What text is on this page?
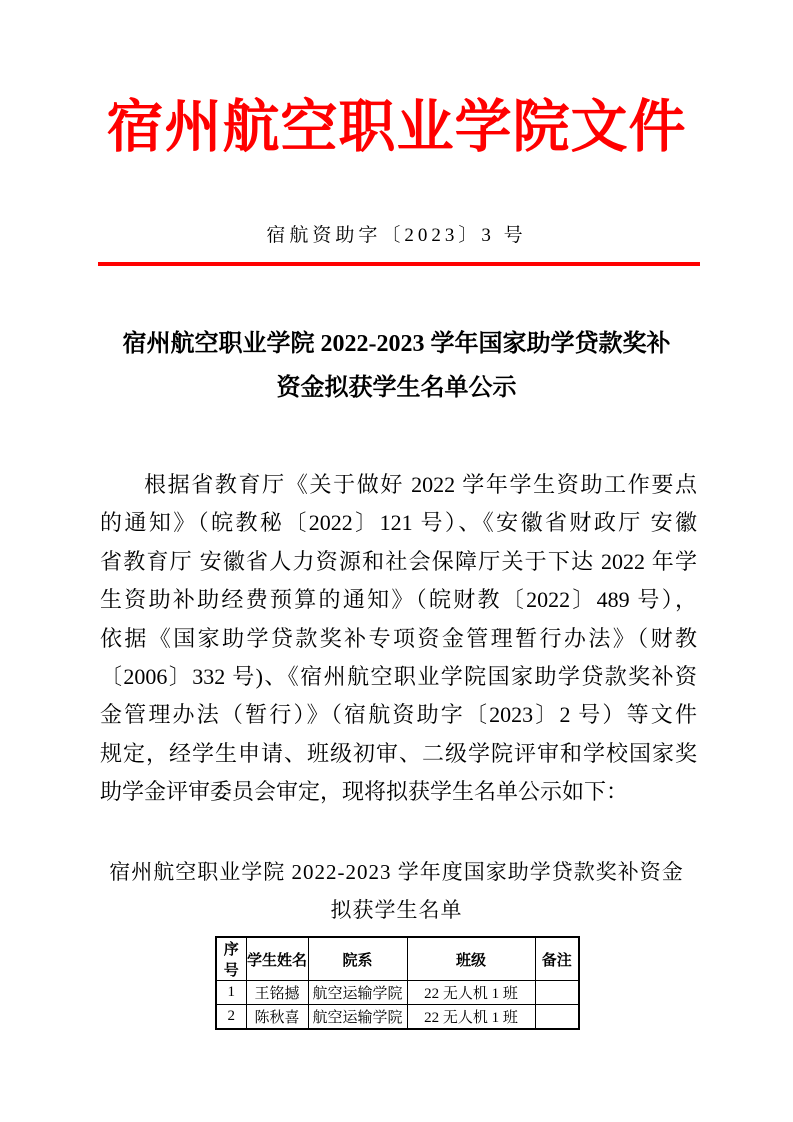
宿州航空职业学院文件
宿航资助字〔2023〕3 号
宿州航空职业学院 2022-2023 学年国家助学贷款奖补
资金拟获学生名单公示
根据省教育厅《关于做好 2022 学年学生资助工作要点
的通知》（皖教秘〔2022〕121 号）、《安徽省财政厅 安徽
省教育厅 安徽省人力资源和社会保障厅关于下达 2022 年学
生资助补助经费预算的通知》（皖财教〔2022〕489 号），
依据《国家助学贷款奖补专项资金管理暂行办法》（财教
〔2006〕332 号)、《宿州航空职业学院国家助学贷款奖补资
金管理办法（暂行）》（宿航资助字〔2023〕2 号）等文件
规定，经学生申请、班级初审、二级学院评审和学校国家奖
助学金评审委员会审定，现将拟获学生名单公示如下：
宿州航空职业学院 2022-2023 学年度国家助学贷款奖补资金
拟获学生名单
序号	学生姓名	院系	班级	备注
1	王铭撼	航空运输学院	22 无人机 1 班	
2	陈秋喜	航空运输学院	22 无人机 1 班	
